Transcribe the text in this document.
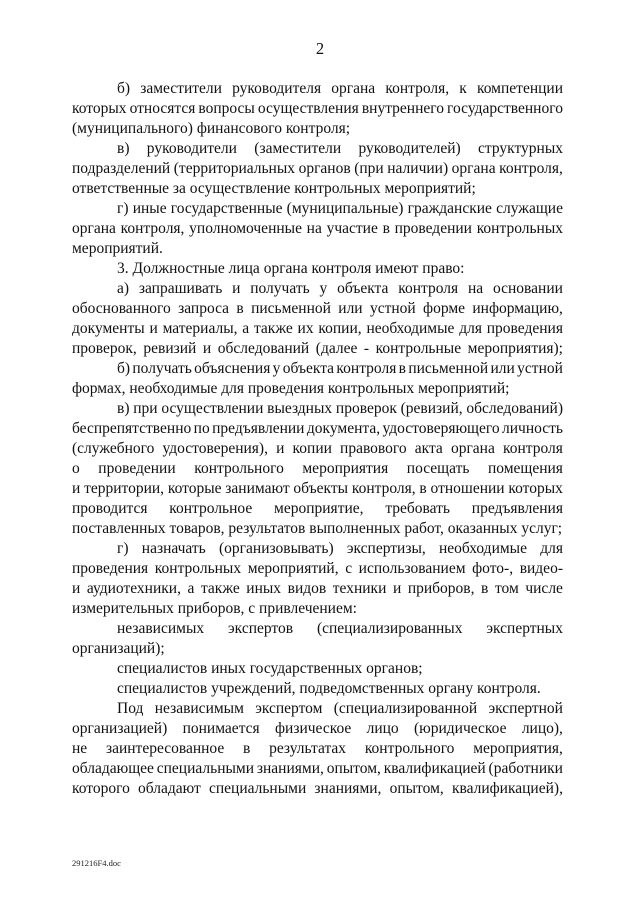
2
б) заместители руководителя органа контроля, к компетенции
которых относятся вопросы осуществления внутреннего государственного
(муниципального) финансового контроля;
в) руководители (заместители руководителей) структурных
подразделений (территориальных органов (при наличии) органа контроля,
ответственные за осуществление контрольных мероприятий;
г) иные государственные (муниципальные) гражданские служащие
органа контроля, уполномоченные на участие в проведении контрольных
мероприятий.
3. Должностные лица органа контроля имеют право:
а) запрашивать и получать у объекта контроля на основании
обоснованного запроса в письменной или устной форме информацию,
документы и материалы, а также их копии, необходимые для проведения
проверок, ревизий и обследований (далее - контрольные мероприятия);
б) получать объяснения у объекта контроля в письменной или устной
формах, необходимые для проведения контрольных мероприятий;
в) при осуществлении выездных проверок (ревизий, обследований)
беспрепятственно по предъявлении документа, удостоверяющего личность
(служебного удостоверения), и копии правового акта органа контроля
о проведении контрольного мероприятия посещать помещения
и территории, которые занимают объекты контроля, в отношении которых
проводится контрольное мероприятие, требовать предъявления
поставленных товаров, результатов выполненных работ, оказанных услуг;
г) назначать (организовывать) экспертизы, необходимые для
проведения контрольных мероприятий, с использованием фото-, видео-
и аудиотехники, а также иных видов техники и приборов, в том числе
измерительных приборов, с привлечением:
независимых экспертов (специализированных экспертных
организаций);
специалистов иных государственных органов;
специалистов учреждений, подведомственных органу контроля.
Под независимым экспертом (специализированной экспертной
организацией) понимается физическое лицо (юридическое лицо),
не заинтересованное в результатах контрольного мероприятия,
обладающее специальными знаниями, опытом, квалификацией (работники
которого обладают специальными знаниями, опытом, квалификацией),
291216F4.doc
